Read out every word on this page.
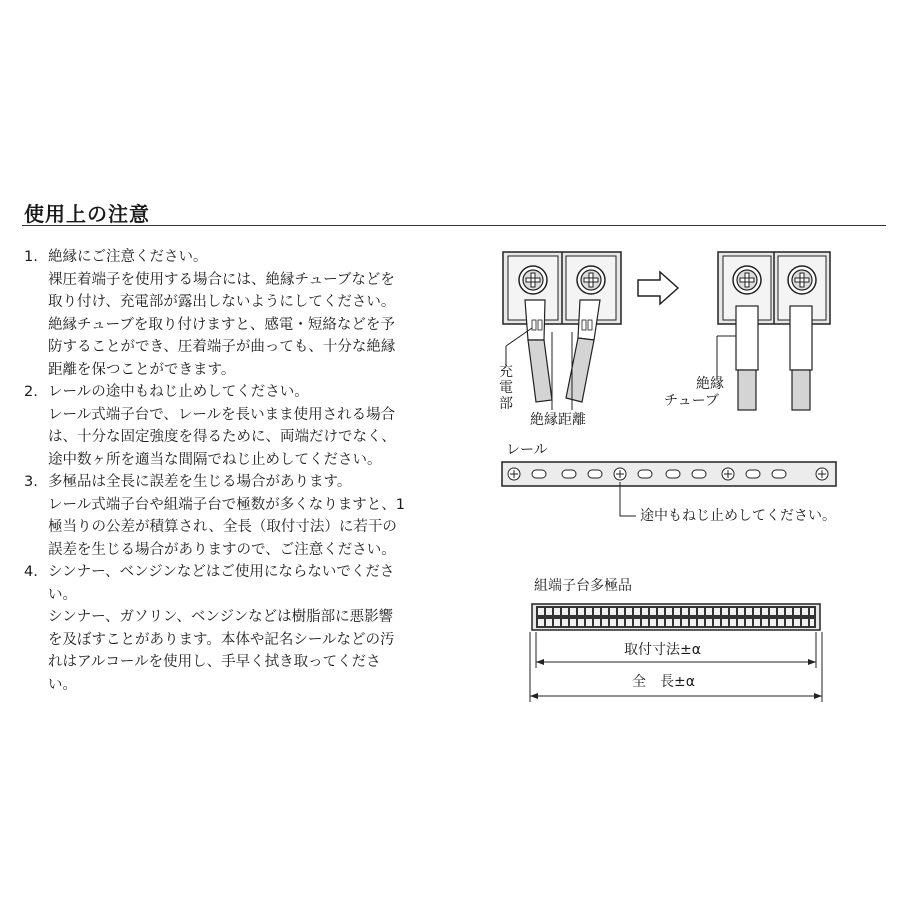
使用上の注意
1. 絶縁にご注意ください。

裸圧着端子を使用する場合には、絶縁チューブなどを

取り付け、充電部が露出しないようにしてください。

絶縁チューブを取り付けますと、感電・短絡などを予

防することができ、圧着端子が曲っても、十分な絶縁

距離を保つことができます。

2. レールの途中もねじ止めしてください。

レール式端子台で、レールを長いまま使用される場合

は、十分な固定強度を得るために、両端だけでなく、

途中数ヶ所を適当な間隔でねじ止めしてください。

3. 多極品は全長に誤差を生じる場合があります。

レール式端子台や組端子台で極数が多くなりますと、1

極当りの公差が積算され、全長（取付寸法）に若干の

誤差を生じる場合がありますので、ご注意ください。

4. シンナー、ベンジンなどはご使用にならないでくださ

い。

シンナー、ガソリン、ベンジンなどは樹脂部に悪影響

を及ぼすことがあります。本体や記名シールなどの汚

れはアルコールを使用し、手早く拭き取ってくださ

い。

充電部
絶縁距離
絶縁
チューブ
レール
途中もねじ止めしてください。
組端子台多極品
取付寸法±α
全　長±α
